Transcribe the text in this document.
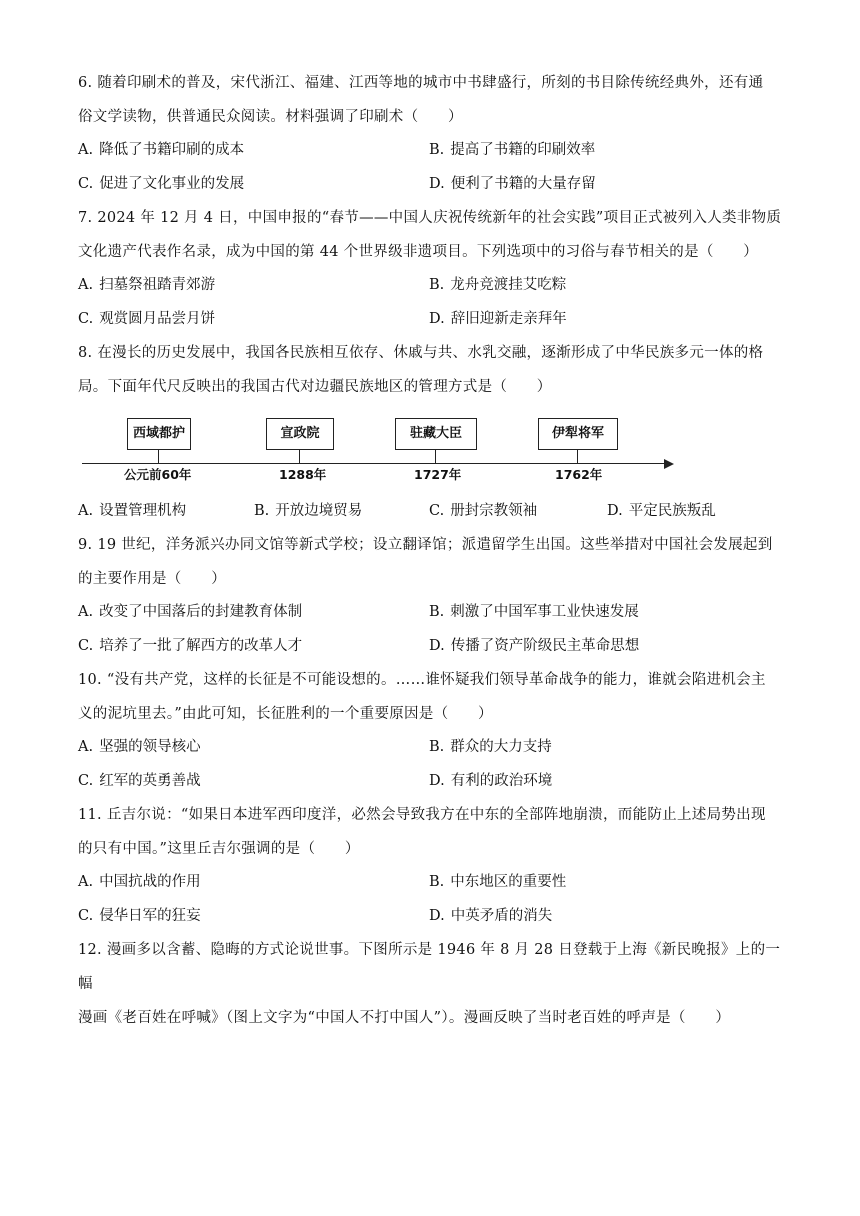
6. 随着印刷术的普及，宋代浙江、福建、江西等地的城市中书肆盛行，所刻的书目除传统经典外，还有通
俗文学读物，供普通民众阅读。材料强调了印刷术（　　）
A. 降低了书籍印刷的成本	B. 提高了书籍的印刷效率
C. 促进了文化事业的发展	D. 便利了书籍的大量存留
7. 2024 年 12 月 4 日，中国申报的“春节——中国人庆祝传统新年的社会实践”项目正式被列入人类非物质
文化遗产代表作名录，成为中国的第 44 个世界级非遗项目。下列选项中的习俗与春节相关的是（　　）
A. 扫墓祭祖踏青郊游	B. 龙舟竞渡挂艾吃粽
C. 观赏圆月品尝月饼	D. 辞旧迎新走亲拜年
8. 在漫长的历史发展中，我国各民族相互依存、休戚与共、水乳交融，逐渐形成了中华民族多元一体的格
局。下面年代尺反映出的我国古代对边疆民族地区的管理方式是（　　）
西域都护	宣政院	驻藏大臣	伊犁将军
公元前60年	1288年	1727年	1762年
A. 设置管理机构	B. 开放边境贸易	C. 册封宗教领袖	D. 平定民族叛乱
9. 19 世纪，洋务派兴办同文馆等新式学校；设立翻译馆；派遣留学生出国。这些举措对中国社会发展起到
的主要作用是（　　）
A. 改变了中国落后的封建教育体制	B. 刺激了中国军事工业快速发展
C. 培养了一批了解西方的改革人才	D. 传播了资产阶级民主革命思想
10. “没有共产党，这样的长征是不可能设想的。……谁怀疑我们领导革命战争的能力，谁就会陷进机会主
义的泥坑里去。”由此可知，长征胜利的一个重要原因是（　　）
A. 坚强的领导核心	B. 群众的大力支持
C. 红军的英勇善战	D. 有利的政治环境
11. 丘吉尔说：“如果日本进军西印度洋，必然会导致我方在中东的全部阵地崩溃，而能防止上述局势出现
的只有中国。”这里丘吉尔强调的是（　　）
A. 中国抗战的作用	B. 中东地区的重要性
C. 侵华日军的狂妄	D. 中英矛盾的消失
12. 漫画多以含蓄、隐晦的方式论说世事。下图所示是 1946 年 8 月 28 日登载于上海《新民晚报》上的一幅
漫画《老百姓在呼喊》（图上文字为“中国人不打中国人”）。漫画反映了当时老百姓的呼声是（　　）
